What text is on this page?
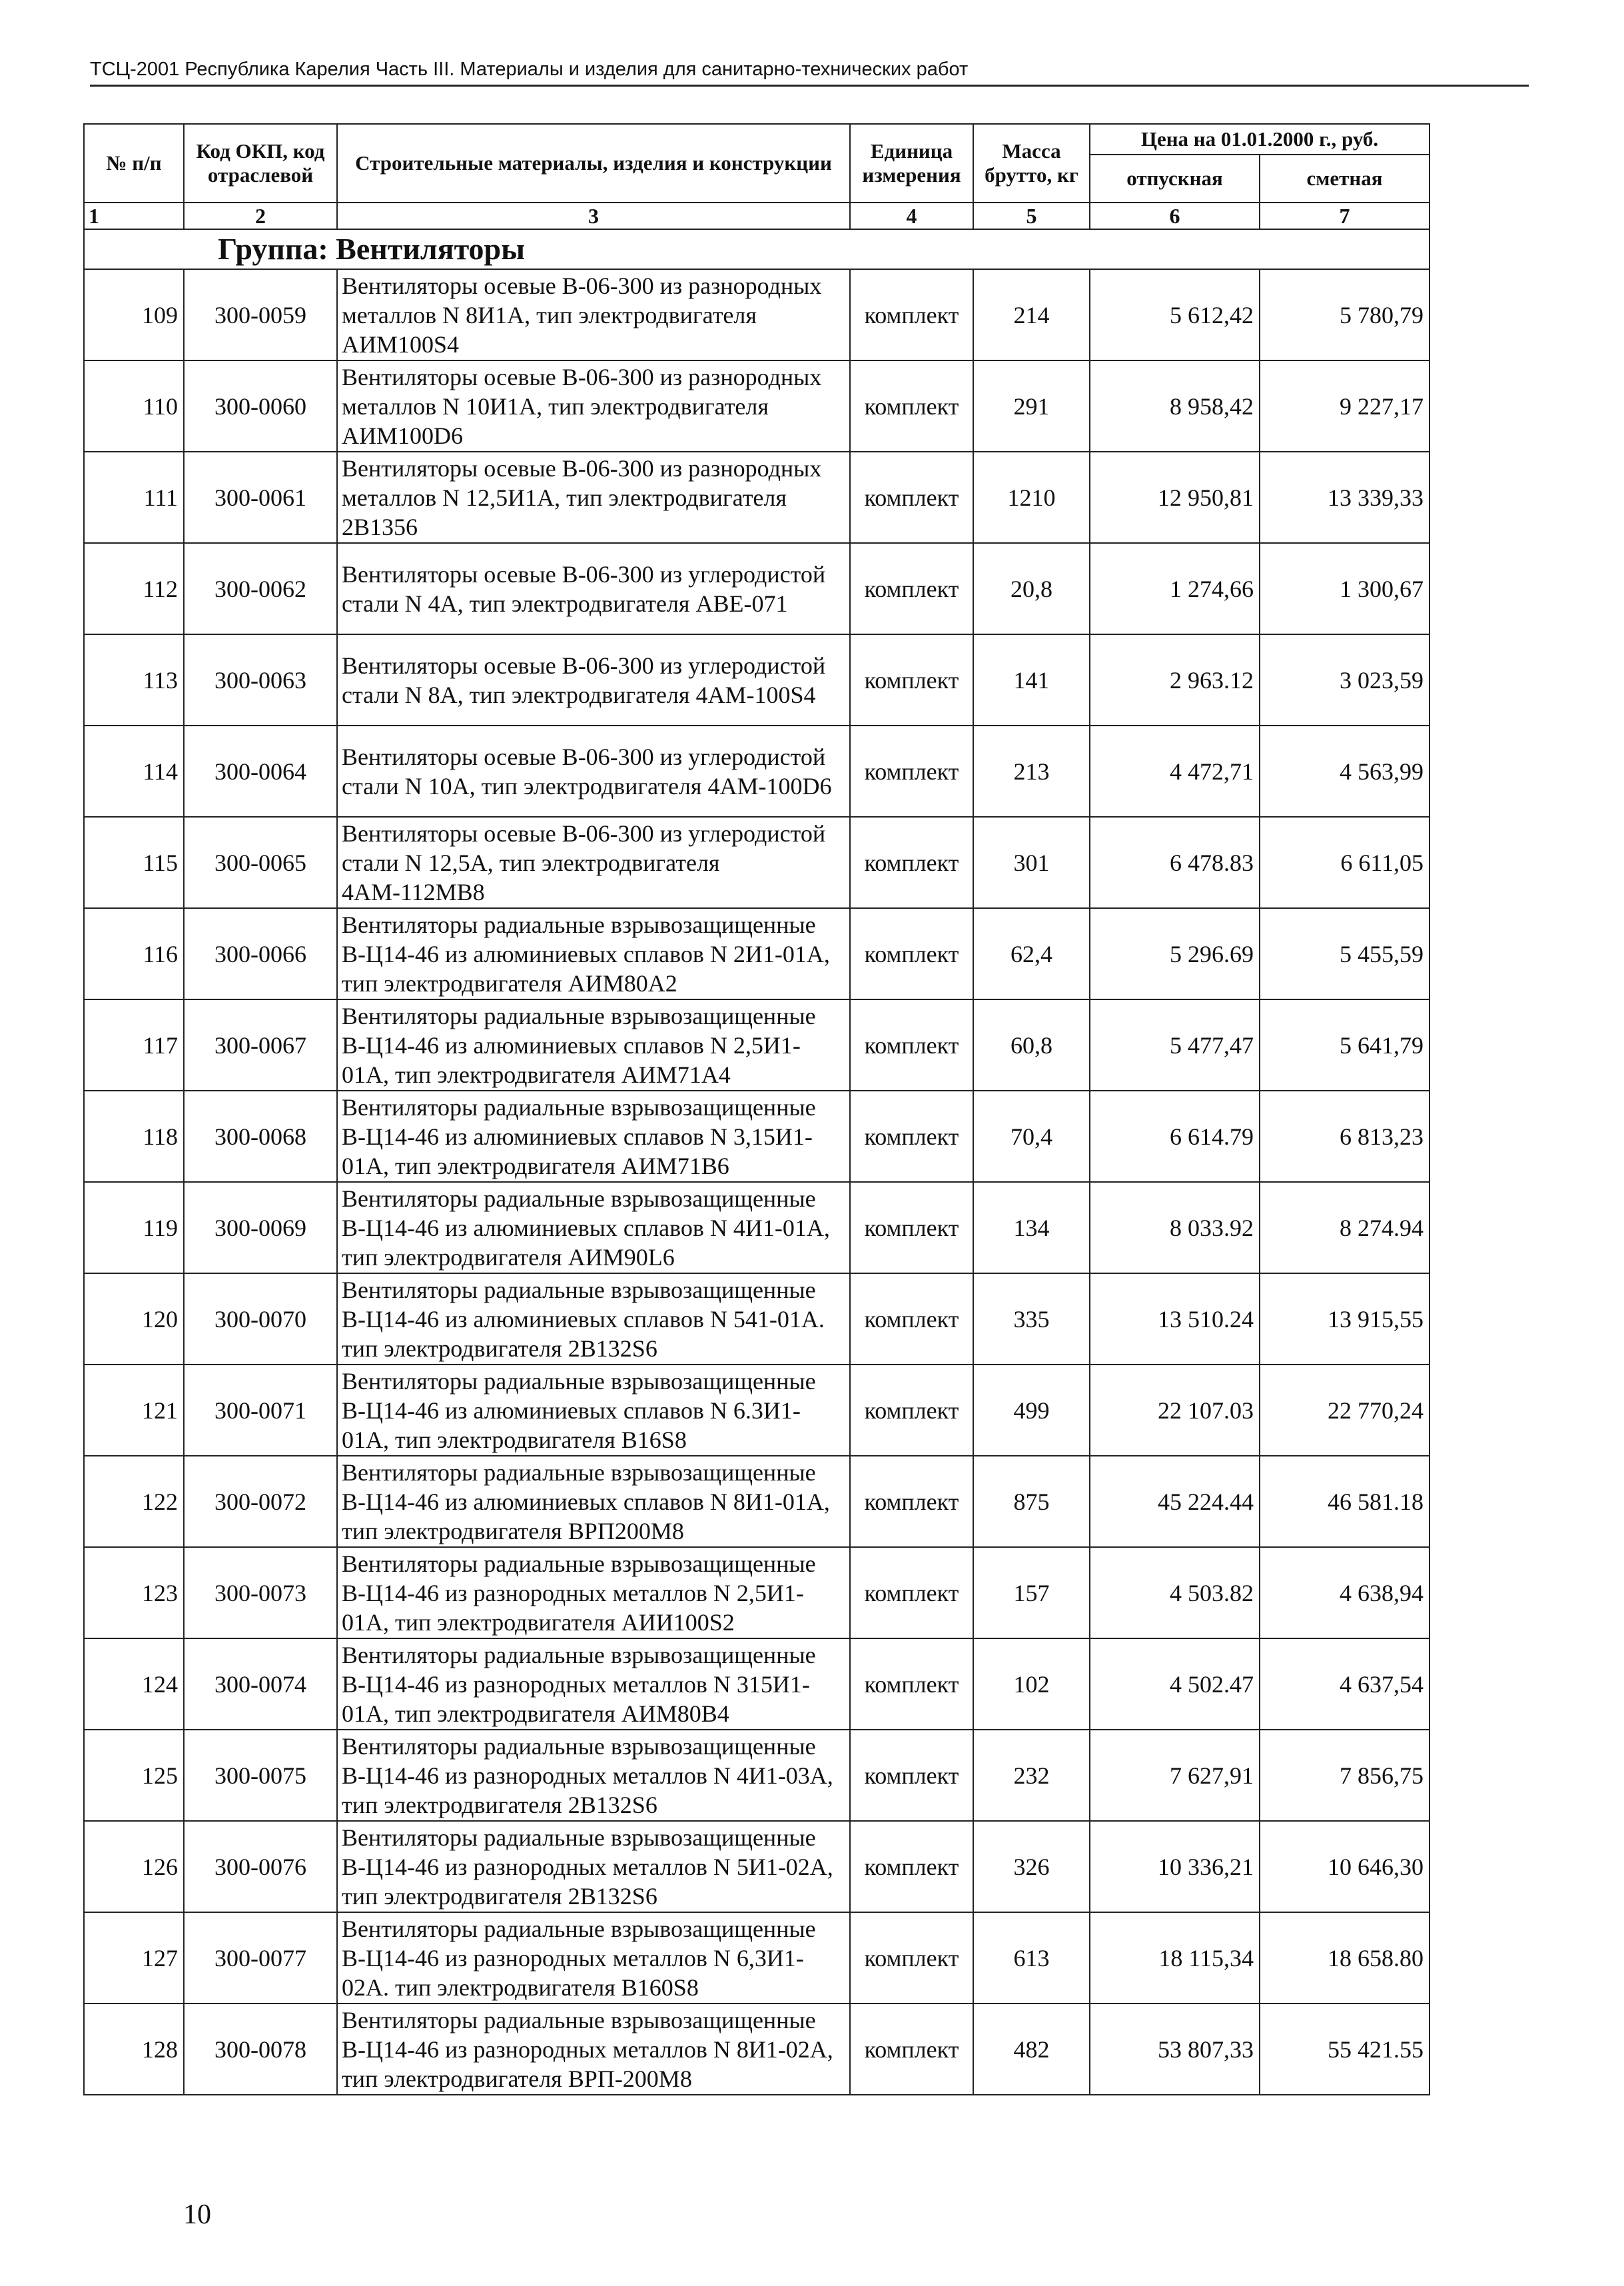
ТСЦ-2001 Республика Карелия Часть III. Материалы и изделия для санитарно-технических работ
№ п/п	Код ОКП, код отраслевой	Строительные материалы, изделия и конструкции	Единица измерения	Масса брутто, кг	Цена на 01.01.2000 г., руб.	
					отпускная	сметная
1	2	3	4	5	6	7
Группа: Вентиляторы						
109	300-0059	Вентиляторы осевые В-06-300 из разнородных металлов N 8И1А, тип электродвигателя АИМ100S4	комплект	214	5 612,42	5 780,79
110	300-0060	Вентиляторы осевые В-06-300 из разнородных металлов N 10И1А, тип электродвигателя АИМ100D6	комплект	291	8 958,42	9 227,17
111	300-0061	Вентиляторы осевые В-06-300 из разнородных металлов N 12,5И1А, тип электродвигателя 2В1356	комплект	1210	12 950,81	13 339,33
112	300-0062	Вентиляторы осевые В-06-300 из углеродистой стали N 4А, тип электродвигателя АВЕ-071	комплект	20,8	1 274,66	1 300,67
113	300-0063	Вентиляторы осевые В-06-300 из углеродистой стали N 8А, тип электродвигателя 4АМ-100S4	комплект	141	2 963.12	3 023,59
114	300-0064	Вентиляторы осевые В-06-300 из углеродистой стали N 10А, тип электродвигателя 4АМ-100D6	комплект	213	4 472,71	4 563,99
115	300-0065	Вентиляторы осевые В-06-300 из углеродистой стали N 12,5А, тип электродвигателя 4АМ-112МВ8	комплект	301	6 478.83	6 611,05
116	300-0066	Вентиляторы радиальные взрывозащищенные В-Ц14-46 из алюминиевых сплавов N 2И1-01А, тип электродвигателя АИМ80А2	комплект	62,4	5 296.69	5 455,59
117	300-0067	Вентиляторы радиальные взрывозащищенные В-Ц14-46 из алюминиевых сплавов N 2,5И1-01А, тип электродвигателя АИМ71А4	комплект	60,8	5 477,47	5 641,79
118	300-0068	Вентиляторы радиальные взрывозащищенные В-Ц14-46 из алюминиевых сплавов N 3,15И1-01А, тип электродвигателя АИМ71В6	комплект	70,4	6 614.79	6 813,23
119	300-0069	Вентиляторы радиальные взрывозащищенные В-Ц14-46 из алюминиевых сплавов N 4И1-01А, тип электродвигателя АИМ90L6	комплект	134	8 033.92	8 274.94
120	300-0070	Вентиляторы радиальные взрывозащищенные В-Ц14-46 из алюминиевых сплавов N 541-01А. тип электродвигателя 2В132S6	комплект	335	13 510.24	13 915,55
121	300-0071	Вентиляторы радиальные взрывозащищенные В-Ц14-46 из алюминиевых сплавов N 6.3И1-01А, тип электродвигателя В16S8	комплект	499	22 107.03	22 770,24
122	300-0072	Вентиляторы радиальные взрывозащищенные В-Ц14-46 из алюминиевых сплавов N 8И1-01А, тип электродвигателя ВРП200М8	комплект	875	45 224.44	46 581.18
123	300-0073	Вентиляторы радиальные взрывозащищенные В-Ц14-46 из разнородных металлов N 2,5И1-01А, тип электродвигателя АИИ100S2	комплект	157	4 503.82	4 638,94
124	300-0074	Вентиляторы радиальные взрывозащищенные В-Ц14-46 из разнородных металлов N 315И1-01А, тип электродвигателя АИМ80В4	комплект	102	4 502.47	4 637,54
125	300-0075	Вентиляторы радиальные взрывозащищенные В-Ц14-46 из разнородных металлов N 4И1-03А, тип электродвигателя 2В132S6	комплект	232	7 627,91	7 856,75
126	300-0076	Вентиляторы радиальные взрывозащищенные В-Ц14-46 из разнородных металлов N 5И1-02А, тип электродвигателя 2В132S6	комплект	326	10 336,21	10 646,30
127	300-0077	Вентиляторы радиальные взрывозащищенные В-Ц14-46 из разнородных металлов N 6,3И1-02А. тип электродвигателя В160S8	комплект	613	18 115,34	18 658.80
128	300-0078	Вентиляторы радиальные взрывозащищенные В-Ц14-46 из разнородных металлов N 8И1-02А, тип электродвигателя ВРП-200М8	комплект	482	53 807,33	55 421.55
10
